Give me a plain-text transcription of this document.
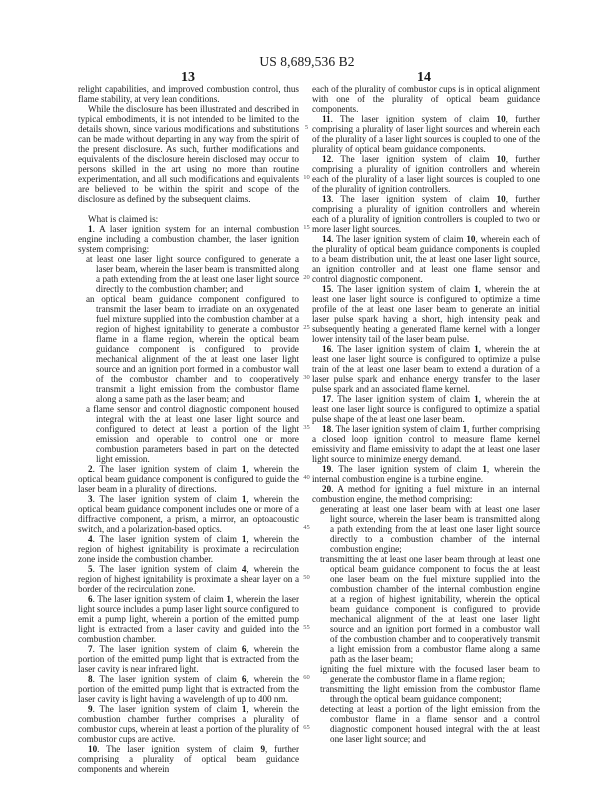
US 8,689,536 B2
13	14

relight capabilities, and improved combustion control, thus flame stability, at very lean conditions.

While the disclosure has been illustrated and described in typical embodiments, it is not intended to be limited to the details shown, since various modifications and substitutions can be made without departing in any way from the spirit of the present disclosure. As such, further modifications and equivalents of the disclosure herein disclosed may occur to persons skilled in the art using no more than routine experimentation, and all such modifications and equivalents are believed to be within the spirit and scope of the disclosure as defined by the subsequent claims.

What is claimed is:

1. A laser ignition system for an internal combustion engine including a combustion chamber, the laser ignition system comprising:

at least one laser light source configured to generate a laser beam, wherein the laser beam is transmitted along a path extending from the at least one laser light source directly to the combustion chamber; and

an optical beam guidance component configured to transmit the laser beam to irradiate on an oxygenated fuel mixture supplied into the combustion chamber at a region of highest ignitability to generate a combustor flame in a flame region, wherein the optical beam guidance component is configured to provide mechanical alignment of the at least one laser light source and an ignition port formed in a combustor wall of the combustor chamber and to cooperatively transmit a light emission from the combustor flame along a same path as the laser beam; and

a flame sensor and control diagnostic component housed integral with the at least one laser light source and configured to detect at least a portion of the light emission and operable to control one or more combustion parameters based in part on the detected light emission.

2. The laser ignition system of claim 1, wherein the optical beam guidance component is configured to guide the laser beam in a plurality of directions.

3. The laser ignition system of claim 1, wherein the optical beam guidance component includes one or more of a diffractive component, a prism, a mirror, an optoacoustic switch, and a polarization-based optics.

4. The laser ignition system of claim 1, wherein the region of highest ignitability is proximate a recirculation zone inside the combustion chamber.

5. The laser ignition system of claim 4, wherein the region of highest ignitability is proximate a shear layer on a border of the recirculation zone.

6. The laser ignition system of claim 1, wherein the laser light source includes a pump laser light source configured to emit a pump light, wherein a portion of the emitted pump light is extracted from a laser cavity and guided into the combustion chamber.

7. The laser ignition system of claim 6, wherein the portion of the emitted pump light that is extracted from the laser cavity is near infrared light.

8. The laser ignition system of claim 6, wherein the portion of the emitted pump light that is extracted from the laser cavity is light having a wavelength of up to 400 nm.

9. The laser ignition system of claim 1, wherein the combustion chamber further comprises a plurality of combustor cups, wherein at least a portion of the plurality of combustor cups are active.

10. The laser ignition system of claim 9, further comprising a plurality of optical beam guidance components and wherein

5
10
15
20
25
30
35
40
45
50
55
60
65

each of the plurality of combustor cups is in optical alignment with one of the plurality of optical beam guidance components.

11. The laser ignition system of claim 10, further comprising a plurality of laser light sources and wherein each of the plurality of a laser light sources is coupled to one of the plurality of optical beam guidance components.

12. The laser ignition system of claim 10, further comprising a plurality of ignition controllers and wherein each of the plurality of a laser light sources is coupled to one of the plurality of ignition controllers.

13. The laser ignition system of claim 10, further comprising a plurality of ignition controllers and wherein each of a plurality of ignition controllers is coupled to two or more laser light sources.

14. The laser ignition system of claim 10, wherein each of the plurality of optical beam guidance components is coupled to a beam distribution unit, the at least one laser light source, an ignition controller and at least one flame sensor and control diagnostic component.

15. The laser ignition system of claim 1, wherein the at least one laser light source is configured to optimize a time profile of the at least one laser beam to generate an initial laser pulse spark having a short, high intensity peak and subsequently heating a generated flame kernel with a longer lower intensity tail of the laser beam pulse.

16. The laser ignition system of claim 1, wherein the at least one laser light source is configured to optimize a pulse train of the at least one laser beam to extend a duration of a laser pulse spark and enhance energy transfer to the laser pulse spark and an associated flame kernel.

17. The laser ignition system of claim 1, wherein the at least one laser light source is configured to optimize a spatial pulse shape of the at least one laser beam.

18. The laser ignition system of claim 1, further comprising a closed loop ignition control to measure flame kernel emissivity and flame emissivity to adapt the at least one laser light source to minimize energy demand.

19. The laser ignition system of claim 1, wherein the internal combustion engine is a turbine engine.

20. A method for igniting a fuel mixture in an internal combustion engine, the method comprising:

generating at least one laser beam with at least one laser light source, wherein the laser beam is transmitted along a path extending from the at least one laser light source directly to a combustion chamber of the internal combustion engine;

transmitting the at least one laser beam through at least one optical beam guidance component to focus the at least one laser beam on the fuel mixture supplied into the combustion chamber of the internal combustion engine at a region of highest ignitability, wherein the optical beam guidance component is configured to provide mechanical alignment of the at least one laser light source and an ignition port formed in a combustor wall of the combustion chamber and to cooperatively transmit a light emission from a combustor flame along a same path as the laser beam;

igniting the fuel mixture with the focused laser beam to generate the combustor flame in a flame region;

transmitting the light emission from the combustor flame through the optical beam guidance component;

detecting at least a portion of the light emission from the combustor flame in a flame sensor and a control diagnostic component housed integral with the at least one laser light source; and
